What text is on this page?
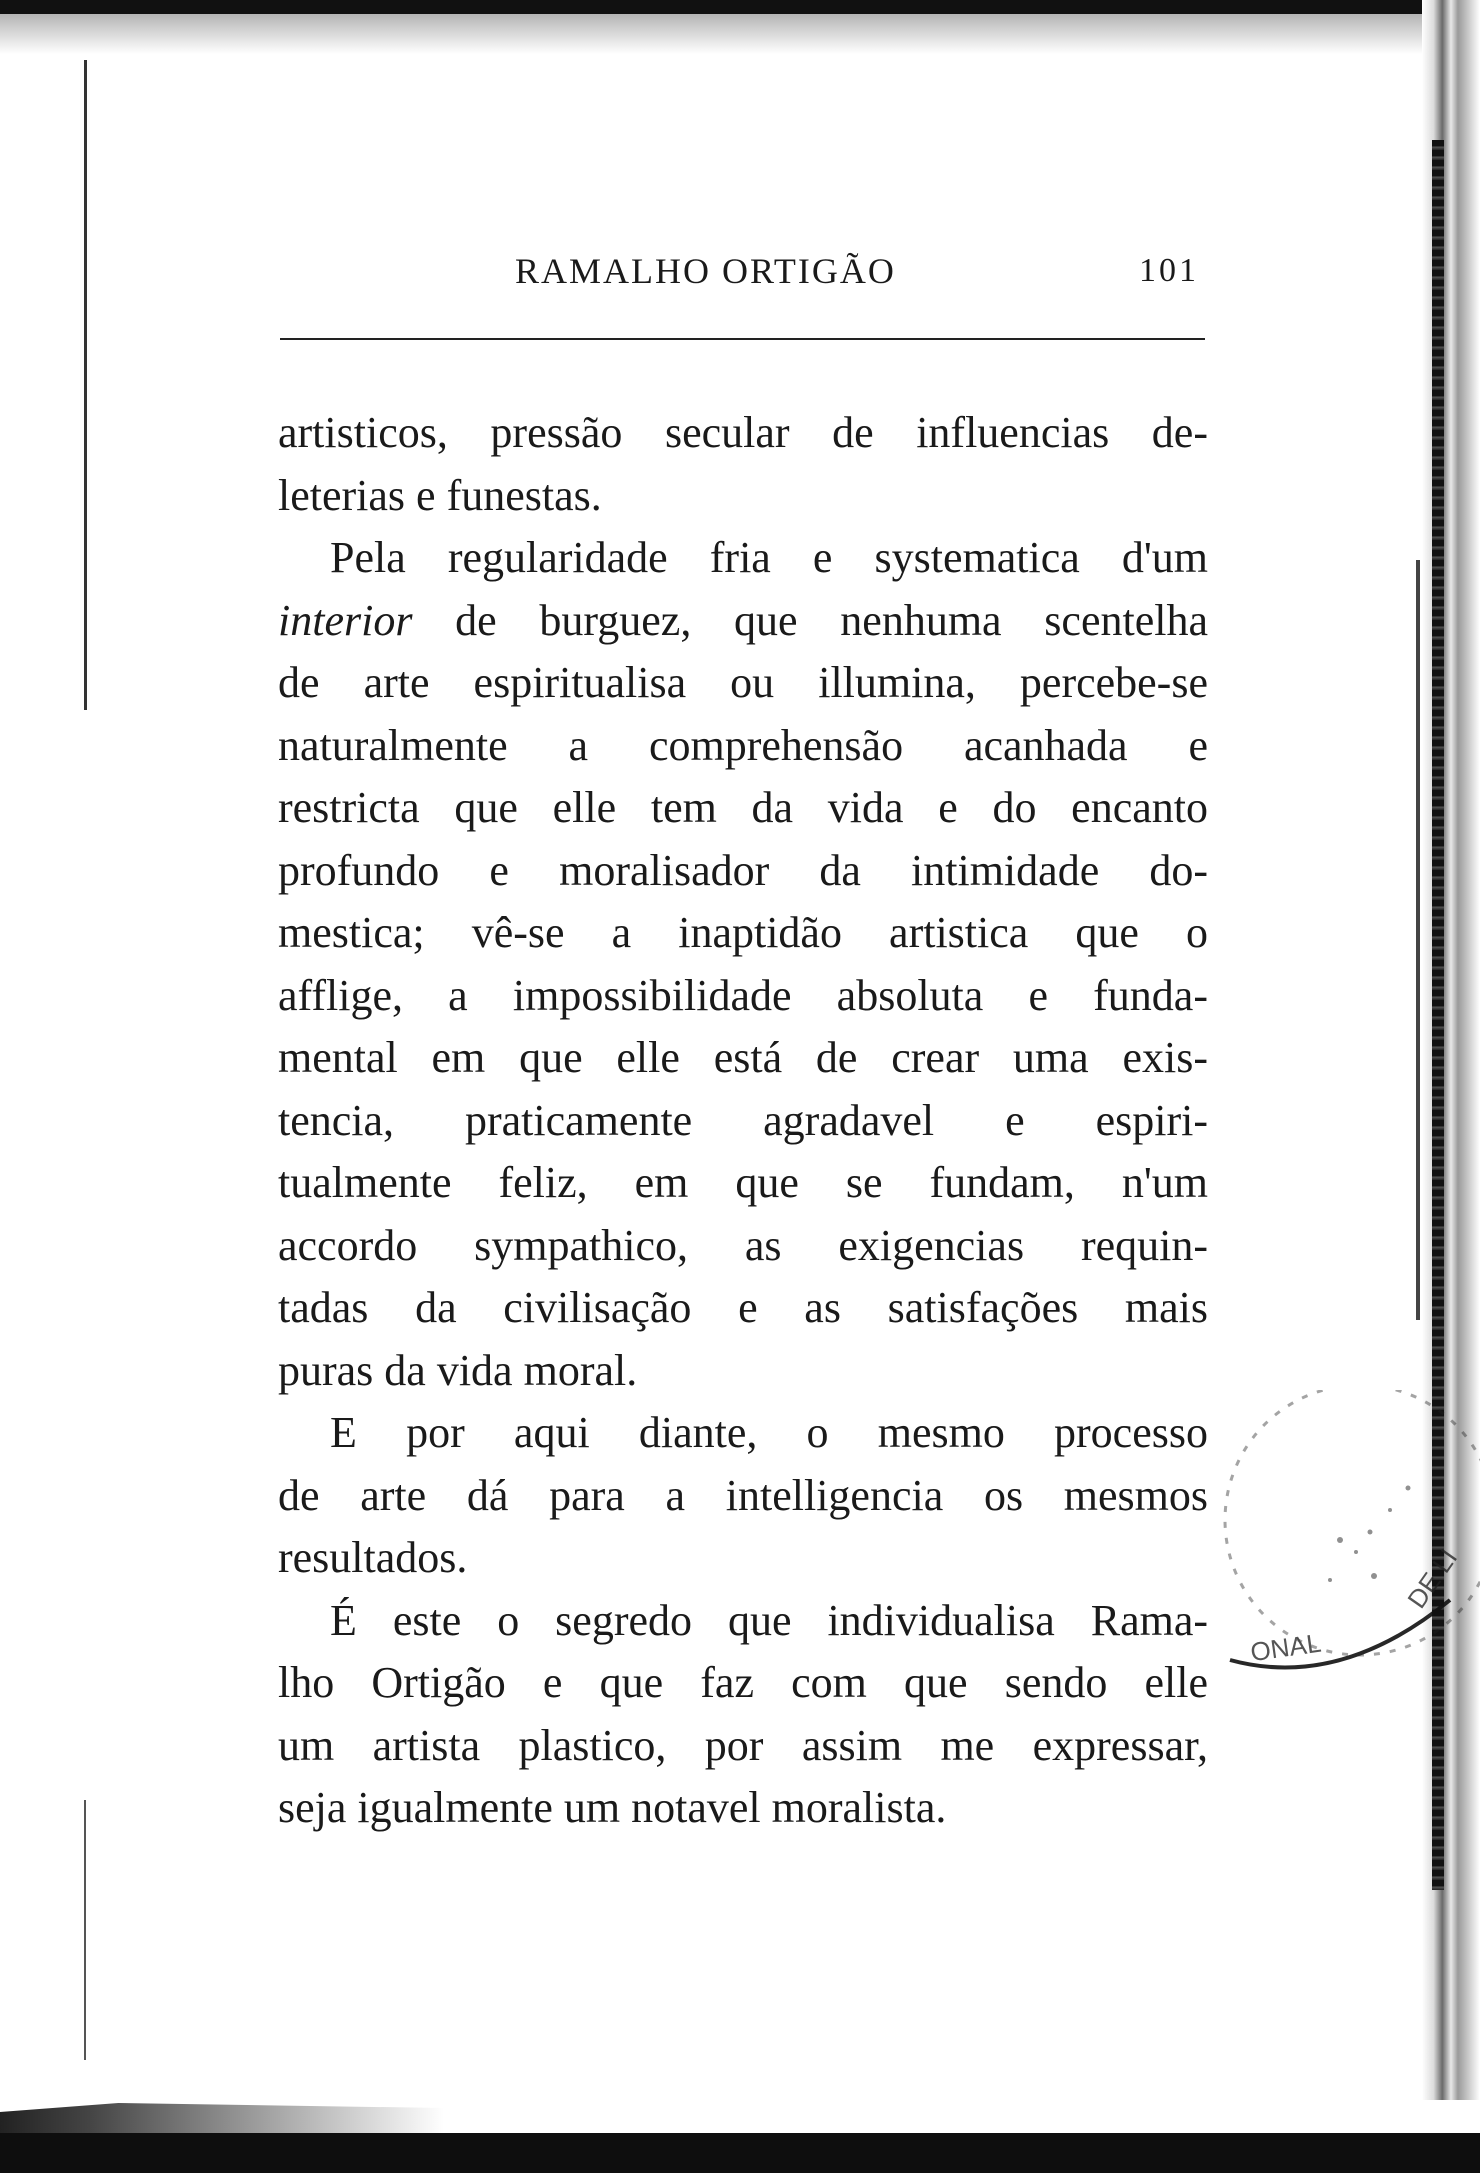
RAMALHO ORTIGÃO	101
artisticos, pressão secular de influencias de-
leterias e funestas.
Pela regularidade fria e systematica d'um
interior de burguez, que nenhuma scentelha
de arte espiritualisa ou illumina, percebe-se
naturalmente a comprehensão acanhada e
restricta que elle tem da vida e do encanto
profundo e moralisador da intimidade do-
mestica; vê-se a inaptidão artistica que o
afflige, a impossibilidade absoluta e funda-
mental em que elle está de crear uma exis-
tencia, praticamente agradavel e espiri-
tualmente feliz, em que se fundam, n'um
accordo sympathico, as exigencias requin-
tadas da civilisação e as satisfações mais
puras da vida moral.
E por aqui diante, o mesmo processo
de arte dá para a intelligencia os mesmos
resultados.
É este o segredo que individualisa Rama-
lho Ortigão e que faz com que sendo elle
um artista plastico, por assim me expressar,
seja igualmente um notavel moralista.
ONAL
DE LI
